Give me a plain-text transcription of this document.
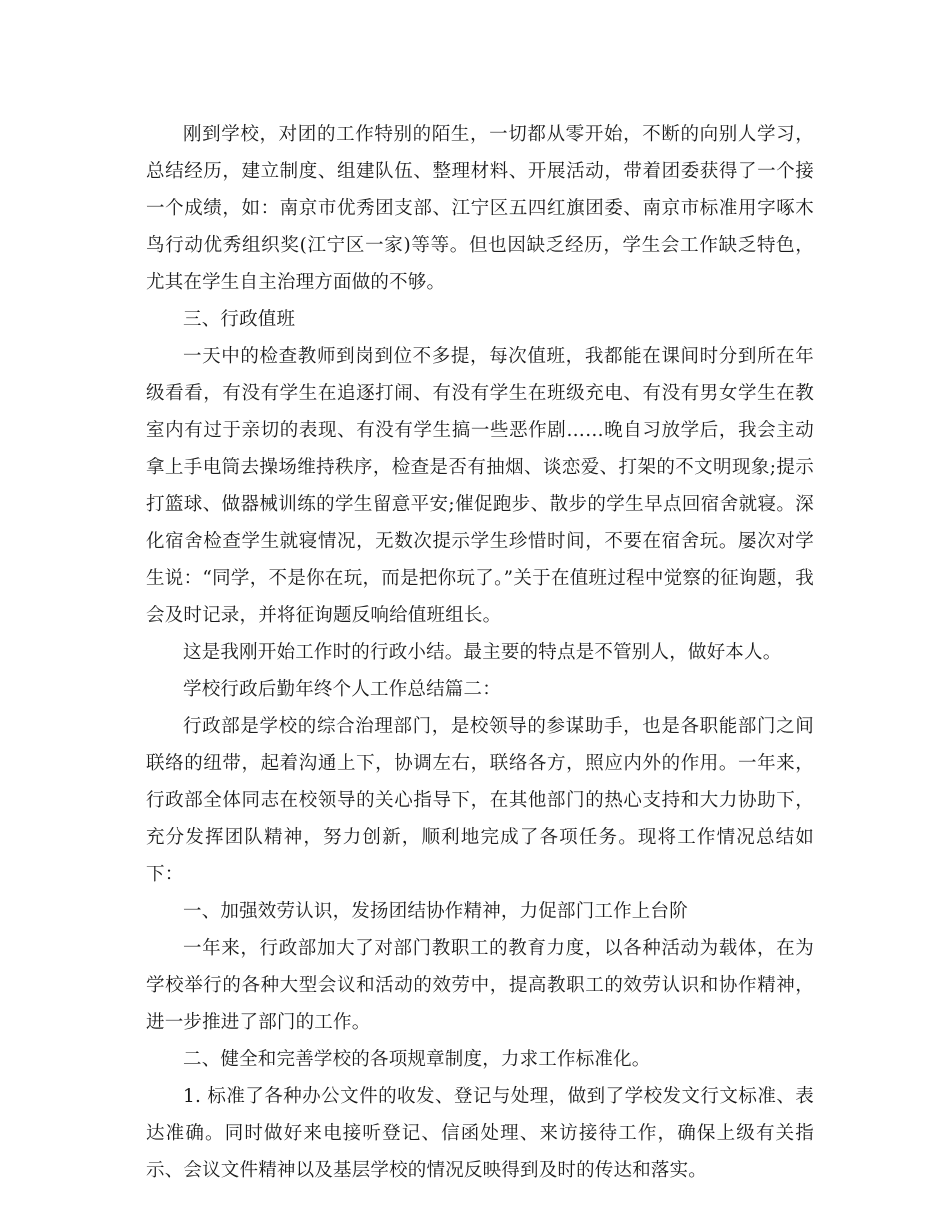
刚到学校，对团的工作特别的陌生，一切都从零开始，不断的向别人学习，总结经历，建立制度、组建队伍、整理材料、开展活动，带着团委获得了一个接一个成绩，如：南京市优秀团支部、江宁区五四红旗团委、南京市标准用字啄木鸟行动优秀组织奖(江宁区一家)等等。但也因缺乏经历，学生会工作缺乏特色，尤其在学生自主治理方面做的不够。

三、行政值班

一天中的检查教师到岗到位不多提，每次值班，我都能在课间时分到所在年级看看，有没有学生在追逐打闹、有没有学生在班级充电、有没有男女学生在教室内有过于亲切的表现、有没有学生搞一些恶作剧……晚自习放学后，我会主动拿上手电筒去操场维持秩序，检查是否有抽烟、谈恋爱、打架的不文明现象;提示打篮球、做器械训练的学生留意平安;催促跑步、散步的学生早点回宿舍就寝。深化宿舍检查学生就寝情况，无数次提示学生珍惜时间，不要在宿舍玩。屡次对学生说：“同学，不是你在玩，而是把你玩了。”关于在值班过程中觉察的征询题，我会及时记录，并将征询题反响给值班组长。

这是我刚开始工作时的行政小结。最主要的特点是不管别人，做好本人。

学校行政后勤年终个人工作总结篇二：

行政部是学校的综合治理部门，是校领导的参谋助手，也是各职能部门之间联络的纽带，起着沟通上下，协调左右，联络各方，照应内外的作用。一年来，行政部全体同志在校领导的关心指导下，在其他部门的热心支持和大力协助下，充分发挥团队精神，努力创新，顺利地完成了各项任务。现将工作情况总结如下：

一、加强效劳认识，发扬团结协作精神，力促部门工作上台阶

一年来，行政部加大了对部门教职工的教育力度，以各种活动为载体，在为学校举行的各种大型会议和活动的效劳中，提高教职工的效劳认识和协作精神，进一步推进了部门的工作。

二、健全和完善学校的各项规章制度，力求工作标准化。

1. 标准了各种办公文件的收发、登记与处理，做到了学校发文行文标准、表达准确。同时做好来电接听登记、信函处理、来访接待工作，确保上级有关指示、会议文件精神以及基层学校的情况反映得到及时的传达和落实。
